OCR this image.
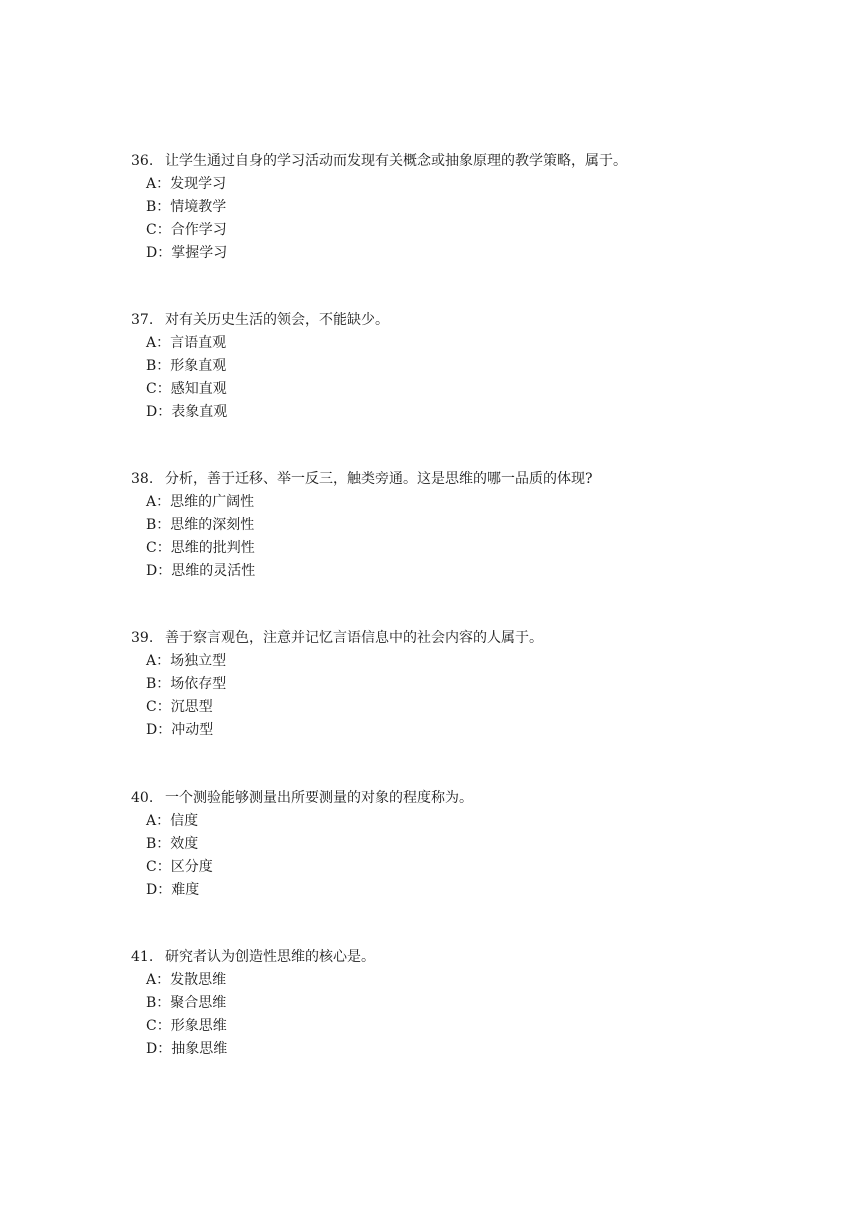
36. 让学生通过自身的学习活动而发现有关概念或抽象原理的教学策略，属于。
A：发现学习
B：情境教学
C：合作学习
D：掌握学习
37. 对有关历史生活的领会，不能缺少。
A：言语直观
B：形象直观
C：感知直观
D：表象直观
38. 分析，善于迁移、举一反三，触类旁通。这是思维的哪一品质的体现?
A：思维的广阔性
B：思维的深刻性
C：思维的批判性
D：思维的灵活性
39. 善于察言观色，注意并记忆言语信息中的社会内容的人属于。
A：场独立型
B：场依存型
C：沉思型
D：冲动型
40. 一个测验能够测量出所要测量的对象的程度称为。
A：信度
B：效度
C：区分度
D：难度
41. 研究者认为创造性思维的核心是。
A：发散思维
B：聚合思维
C：形象思维
D：抽象思维
